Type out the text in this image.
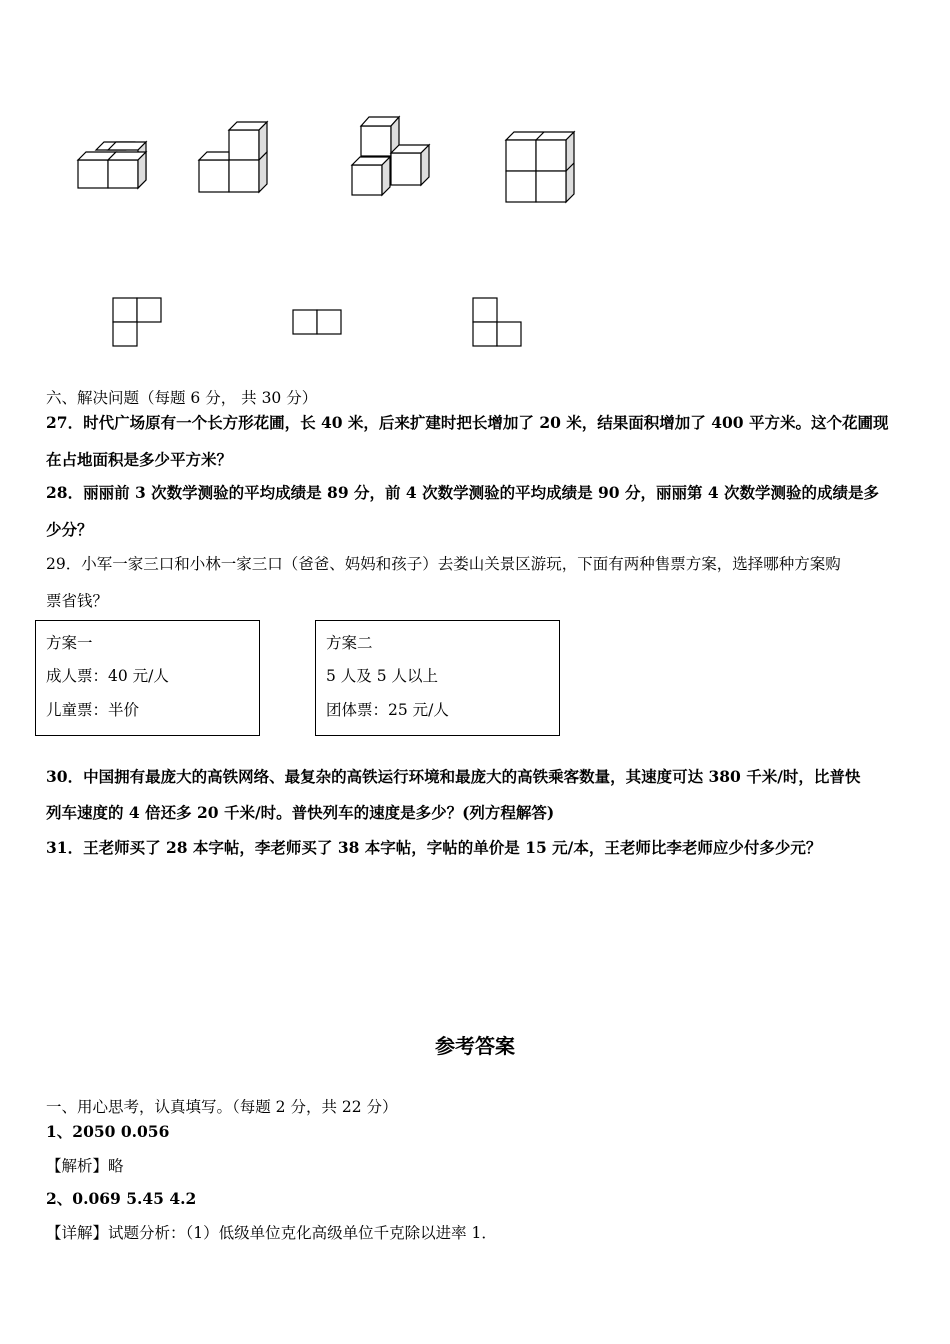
六、解决问题（每题 6 分， 共 30 分）
27．时代广场原有一个长方形花圃，长 40 米，后来扩建时把长增加了 20 米，结果面积增加了 400 平方米。这个花圃现
在占地面积是多少平方米？
28．丽丽前 3 次数学测验的平均成绩是 89 分，前 4 次数学测验的平均成绩是 90 分，丽丽第 4 次数学测验的成绩是多
少分？
29．小军一家三口和小林一家三口（爸爸、妈妈和孩子）去娄山关景区游玩，下面有两种售票方案，选择哪种方案购
票省钱？
方案一
成人票：40 元/人
儿童票：半价
方案二
5 人及 5 人以上
团体票：25 元/人
30．中国拥有最庞大的高铁网络、最复杂的高铁运行环境和最庞大的高铁乘客数量，其速度可达 380 千米/时，比普快
列车速度的 4 倍还多 20 千米/时。普快列车的速度是多少？(列方程解答)
31．王老师买了 28 本字帖，李老师买了 38 本字帖，字帖的单价是 15 元/本，王老师比李老师应少付多少元？
参考答案
一、用心思考，认真填写。（每题 2 分，共 22 分）
1、2050 0.056
【解析】略
2、0.069 5.45 4.2
【详解】试题分析：（1）低级单位克化高级单位千克除以进率 1．
